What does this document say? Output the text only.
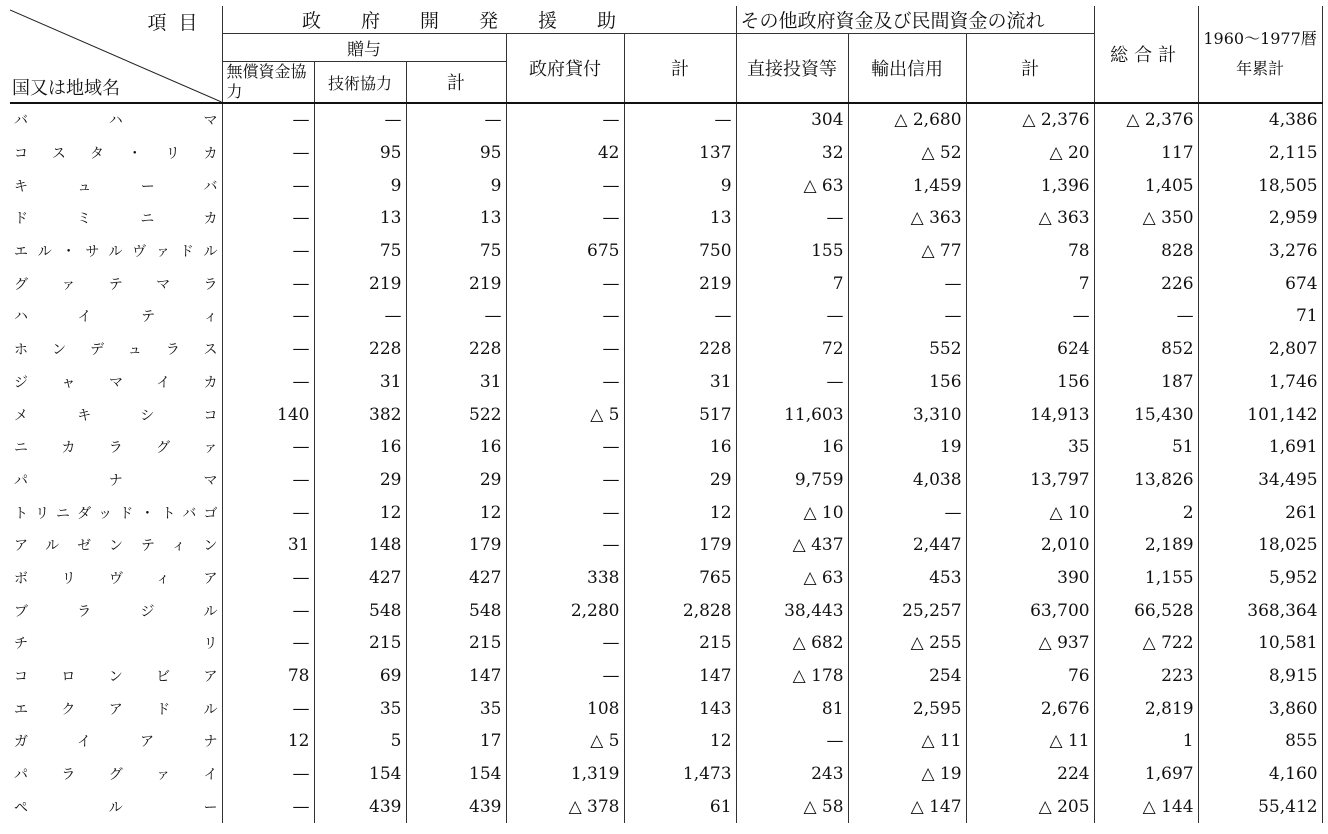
項目
国又は地域名	政府開発援助					その他政府資金及び民間資金の流れ			総合計	1960～1977暦年累計
	贈与			政府貸付	計	直接投資等	輸出信用	計		
	無償資金協力	技術協力	計							
バハマ	—	—	—	—	—	304	△ 2,680	△ 2,376	△ 2,376	4,386
コスタ・リカ	—	95	95	42	137	32	△ 52	△ 20	117	2,115
キューバ	—	9	9	—	9	△ 63	1,459	1,396	1,405	18,505
ドミニカ	—	13	13	—	13	—	△ 363	△ 363	△ 350	2,959
エル・サルヴァドル	—	75	75	675	750	155	△ 77	78	828	3,276
グァテマラ	—	219	219	—	219	7	—	7	226	674
ハイティ	—	—	—	—	—	—	—	—	—	71
ホンデュラス	—	228	228	—	228	72	552	624	852	2,807
ジャマイカ	—	31	31	—	31	—	156	156	187	1,746
メキシコ	140	382	522	△ 5	517	11,603	3,310	14,913	15,430	101,142
ニカラグァ	—	16	16	—	16	16	19	35	51	1,691
パナマ	—	29	29	—	29	9,759	4,038	13,797	13,826	34,495
トリニダッド・トバゴ	—	12	12	—	12	△ 10	—	△ 10	2	261
アルゼンティン	31	148	179	—	179	△ 437	2,447	2,010	2,189	18,025
ボリヴィア	—	427	427	338	765	△ 63	453	390	1,155	5,952
ブラジル	—	548	548	2,280	2,828	38,443	25,257	63,700	66,528	368,364
チリ	—	215	215	—	215	△ 682	△ 255	△ 937	△ 722	10,581
コロンビア	78	69	147	—	147	△ 178	254	76	223	8,915
エクアドル	—	35	35	108	143	81	2,595	2,676	2,819	3,860
ガイアナ	12	5	17	△ 5	12	—	△ 11	△ 11	1	855
パラグァイ	—	154	154	1,319	1,473	243	△ 19	224	1,697	4,160
ペルー	—	439	439	△ 378	61	△ 58	△ 147	△ 205	△ 144	55,412
